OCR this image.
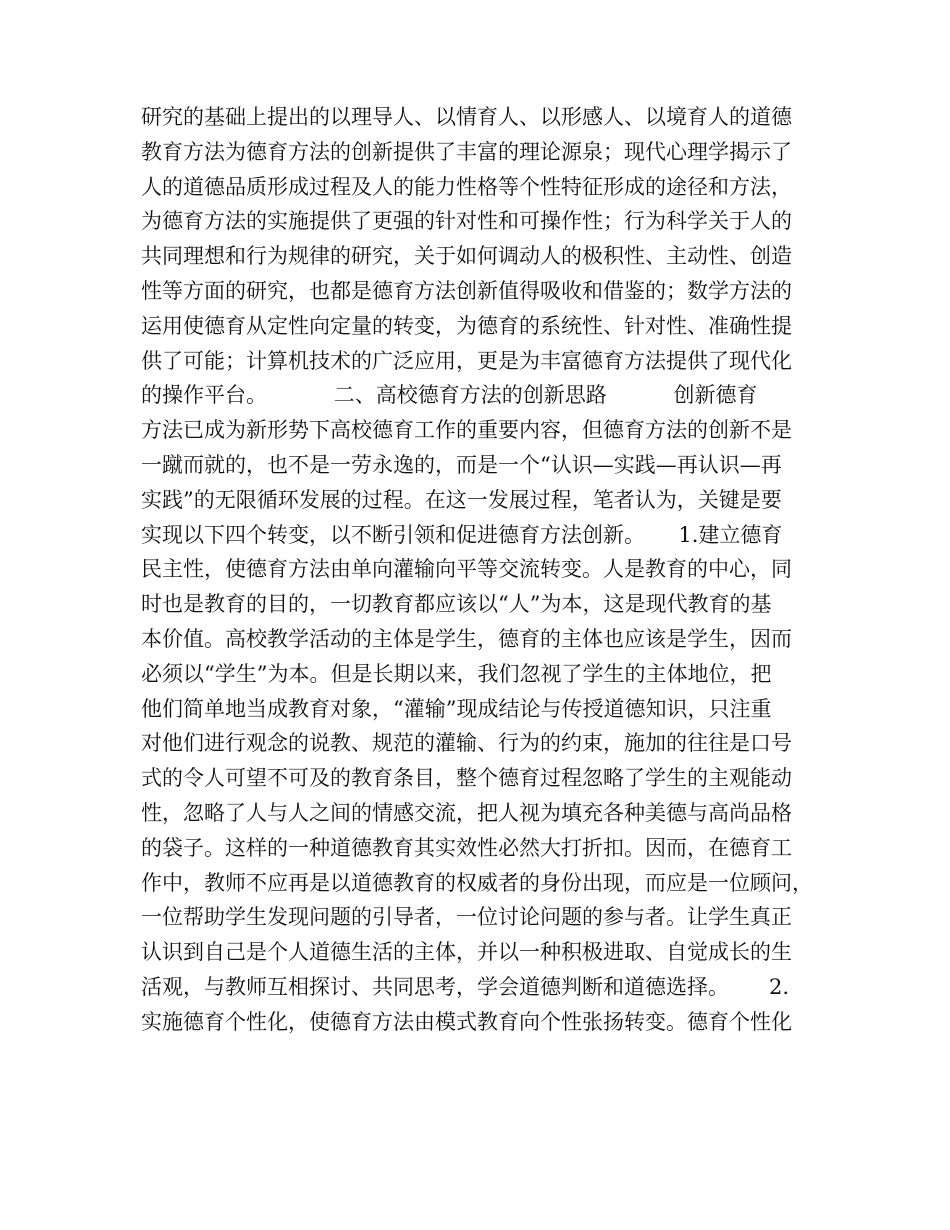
研究的基础上提出的以理导人、以情育人、以形感人、以境育人的道德
教育方法为德育方法的创新提供了丰富的理论源泉；现代心理学揭示了
人的道德品质形成过程及人的能力性格等个性特征形成的途径和方法，
为德育方法的实施提供了更强的针对性和可操作性；行为科学关于人的
共同理想和行为规律的研究，关于如何调动人的极积性、主动性、创造
性等方面的研究，也都是德育方法创新值得吸收和借鉴的；数学方法的
运用使德育从定性向定量的转变，为德育的系统性、针对性、准确性提
供了可能；计算机技术的广泛应用，更是为丰富德育方法提供了现代化
的操作平台。          二、高校德育方法的创新思路          创新德育
方法已成为新形势下高校德育工作的重要内容，但德育方法的创新不是
一蹴而就的，也不是一劳永逸的，而是一个“认识—实践—再认识—再
实践”的无限循环发展的过程。在这一发展过程，笔者认为，关键是要
实现以下四个转变，以不断引领和促进德育方法创新。     1.建立德育
民主性，使德育方法由单向灌输向平等交流转变。人是教育的中心，同
时也是教育的目的，一切教育都应该以“人”为本，这是现代教育的基
本价值。高校教学活动的主体是学生，德育的主体也应该是学生，因而
必须以“学生”为本。但是长期以来，我们忽视了学生的主体地位，把
他们简单地当成教育对象，“灌输”现成结论与传授道德知识，只注重
对他们进行观念的说教、规范的灌输、行为的约束，施加的往往是口号
式的令人可望不可及的教育条目，整个德育过程忽略了学生的主观能动
性，忽略了人与人之间的情感交流，把人视为填充各种美德与高尚品格
的袋子。这样的一种道德教育其实效性必然大打折扣。因而，在德育工
作中，教师不应再是以道德教育的权威者的身份出现，而应是一位顾问，
一位帮助学生发现问题的引导者，一位讨论问题的参与者。让学生真正
认识到自己是个人道德生活的主体，并以一种积极进取、自觉成长的生
活观，与教师互相探讨、共同思考，学会道德判断和道德选择。      2.
实施德育个性化，使德育方法由模式教育向个性张扬转变。德育个性化
